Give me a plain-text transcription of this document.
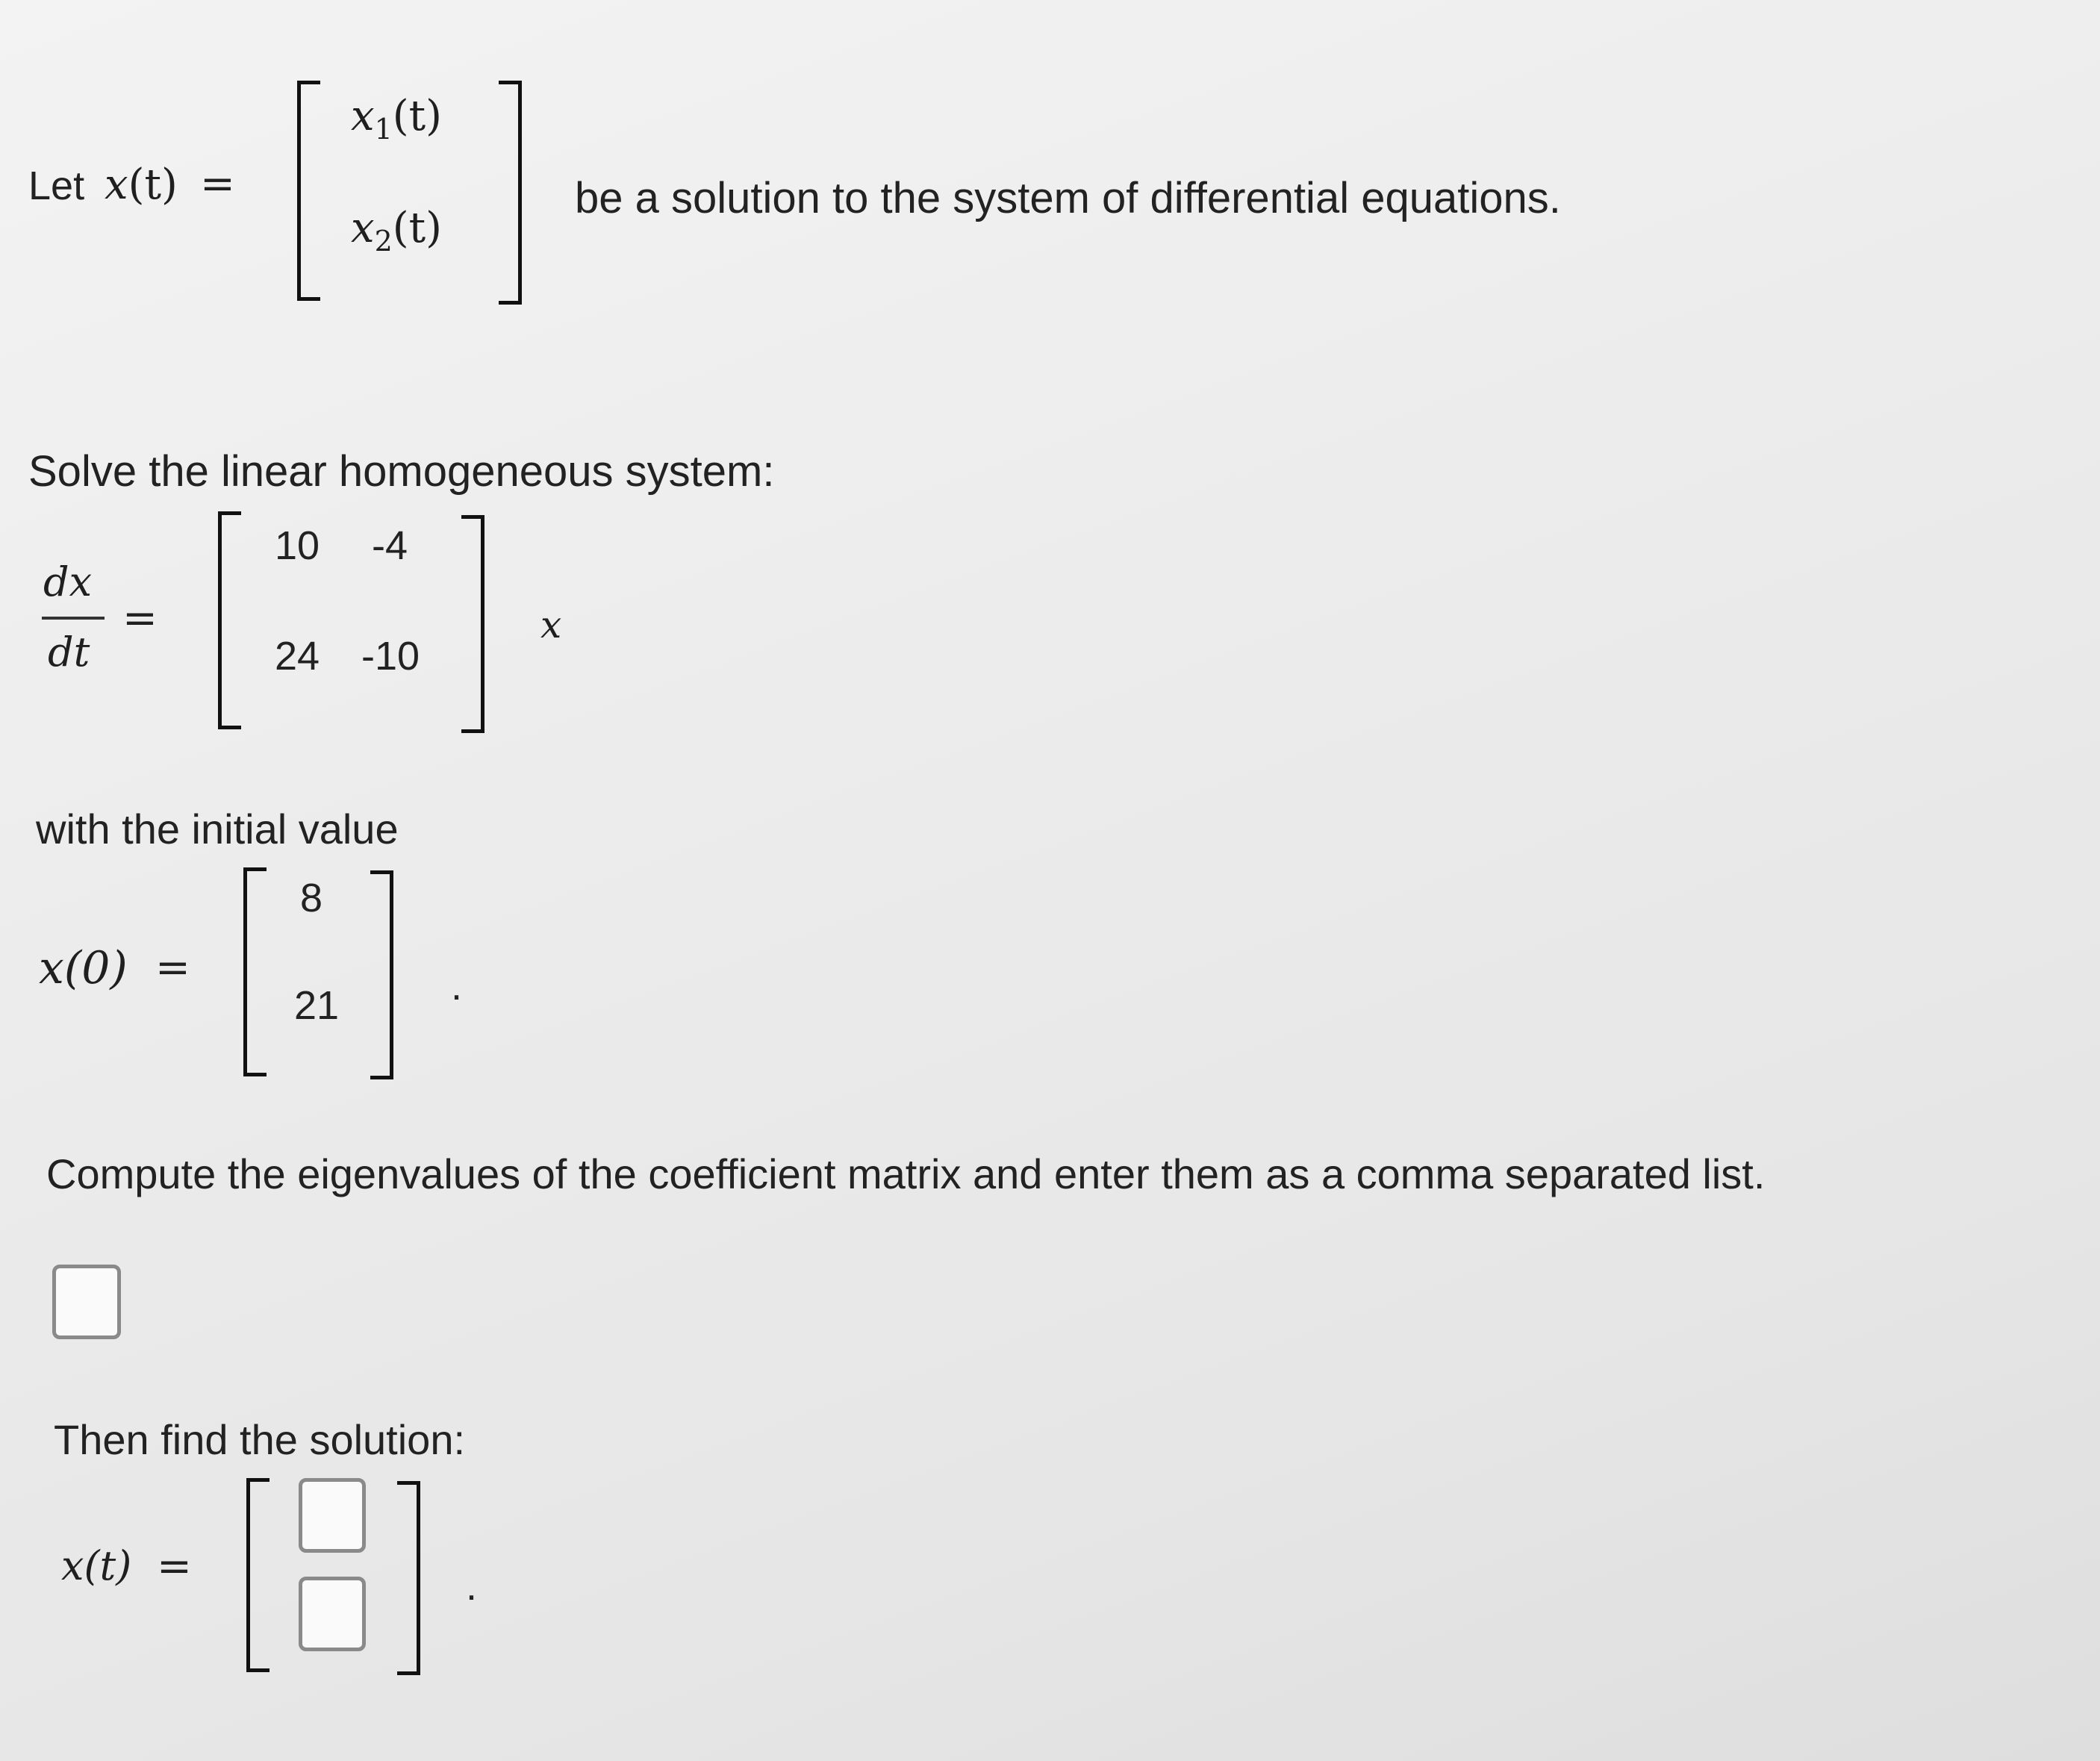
Let x(t) =
$x_1(t)$
$x_2(t)$
be a solution to the system of differential equations.
Solve the linear homogeneous system:
dx
dt
=
10 -4
24 -10
x
with the initial value
x(0) =
8
21	.
Compute the eigenvalues of the coefficient matrix and enter them as a comma separated list.
Then find the solution:
x(t) =	.
